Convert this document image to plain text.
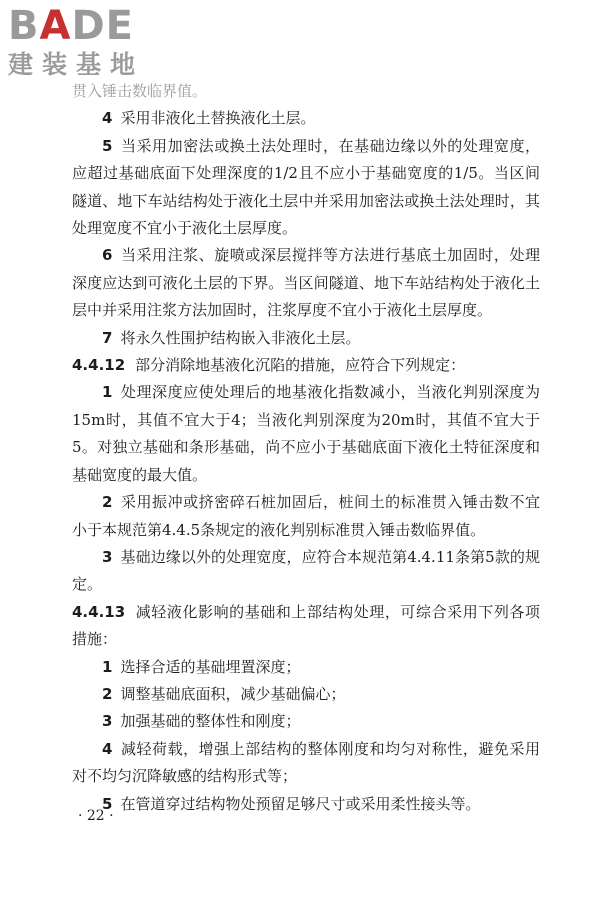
BADE
建装基地

贯入锤击数临界值。

4 采用非液化土替换液化土层。

5 当采用加密法或换土法处理时，在基础边缘以外的处理宽度，应超过基础底面下处理深度的1/2且不应小于基础宽度的1/5。当区间隧道、地下车站结构处于液化土层中并采用加密法或换土法处理时，其处理宽度不宜小于液化土层厚度。

6 当采用注浆、旋喷或深层搅拌等方法进行基底土加固时，处理深度应达到可液化土层的下界。当区间隧道、地下车站结构处于液化土层中并采用注浆方法加固时，注浆厚度不宜小于液化土层厚度。

7 将永久性围护结构嵌入非液化土层。

4.4.12 部分消除地基液化沉陷的措施，应符合下列规定：

1 处理深度应使处理后的地基液化指数减小，当液化判别深度为15m时，其值不宜大于4；当液化判别深度为20m时，其值不宜大于5。对独立基础和条形基础，尚不应小于基础底面下液化土特征深度和基础宽度的最大值。

2 采用振冲或挤密碎石桩加固后，桩间土的标准贯入锤击数不宜小于本规范第4.4.5条规定的液化判别标准贯入锤击数临界值。

3 基础边缘以外的处理宽度，应符合本规范第4.4.11条第5款的规定。

4.4.13 减轻液化影响的基础和上部结构处理，可综合采用下列各项措施：

1 选择合适的基础埋置深度；

2 调整基础底面积，减少基础偏心；

3 加强基础的整体性和刚度；

4 减轻荷载，增强上部结构的整体刚度和均匀对称性，避免采用对不均匀沉降敏感的结构形式等；

5 在管道穿过结构物处预留足够尺寸或采用柔性接头等。

· 22 ·
